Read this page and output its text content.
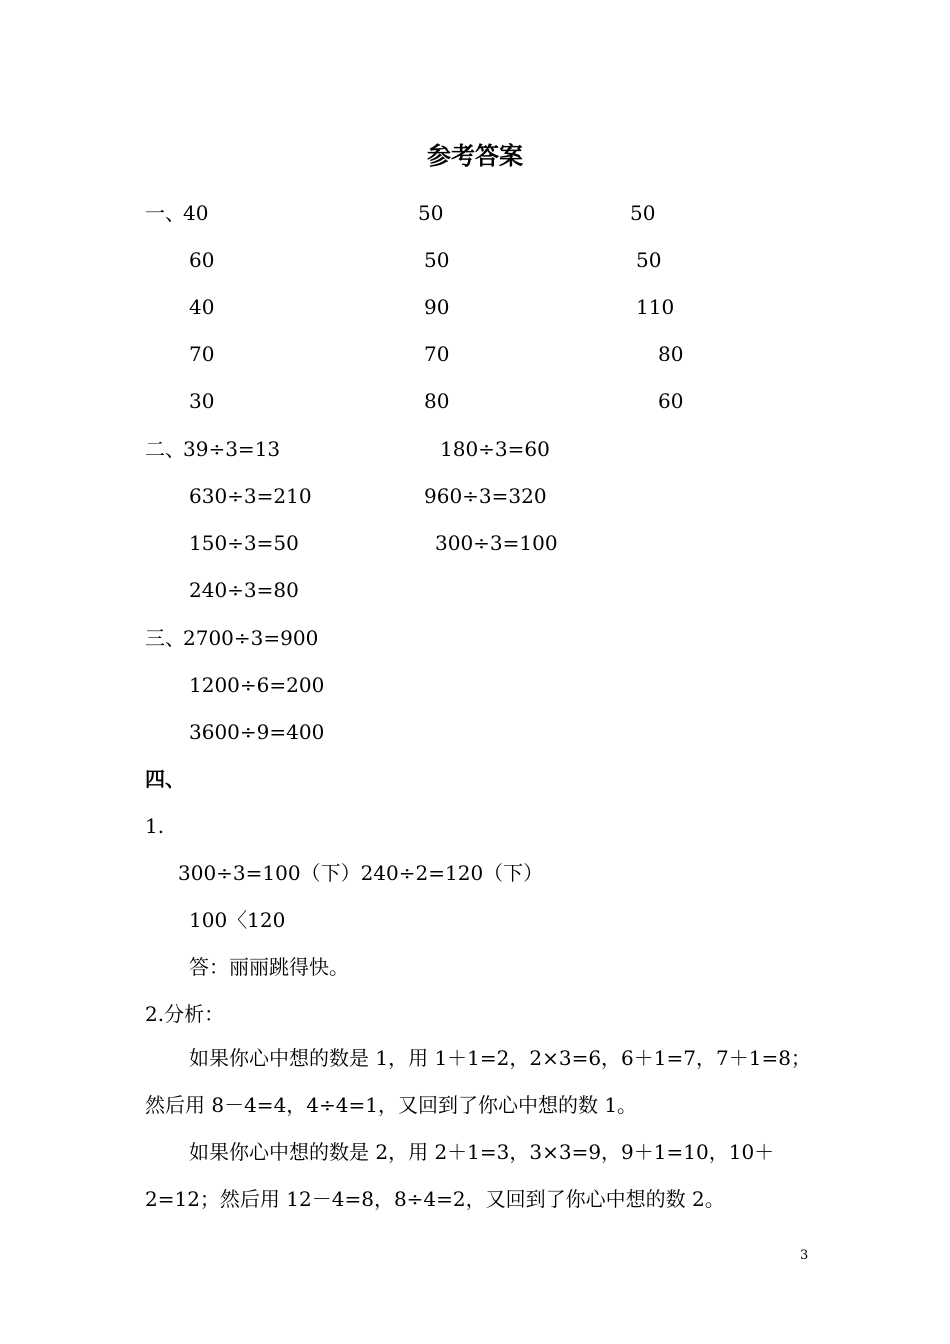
参考答案
一、
40	50	50
60	50	50
40	90	110
70	70	80
30	80	60
二、
39÷3=13	180÷3=60
630÷3=210	960÷3=320
150÷3=50	300÷3=100
240÷3=80
三、
2700÷3=900
1200÷6=200
3600÷9=400
四、
1.
300÷3=100（下）240÷2=120（下）
100〈120
答：丽丽跳得快。
2.分析：
如果你心中想的数是 1，用 1＋1=2，2×3=6，6＋1=7，7＋1=8；然后用 8－4=4，4÷4=1，又回到了你心中想的数 1。
如果你心中想的数是 2，用 2＋1=3，3×3=9，9＋1=10，10＋2=12；然后用 12－4=8，8÷4=2，又回到了你心中想的数 2。
3
